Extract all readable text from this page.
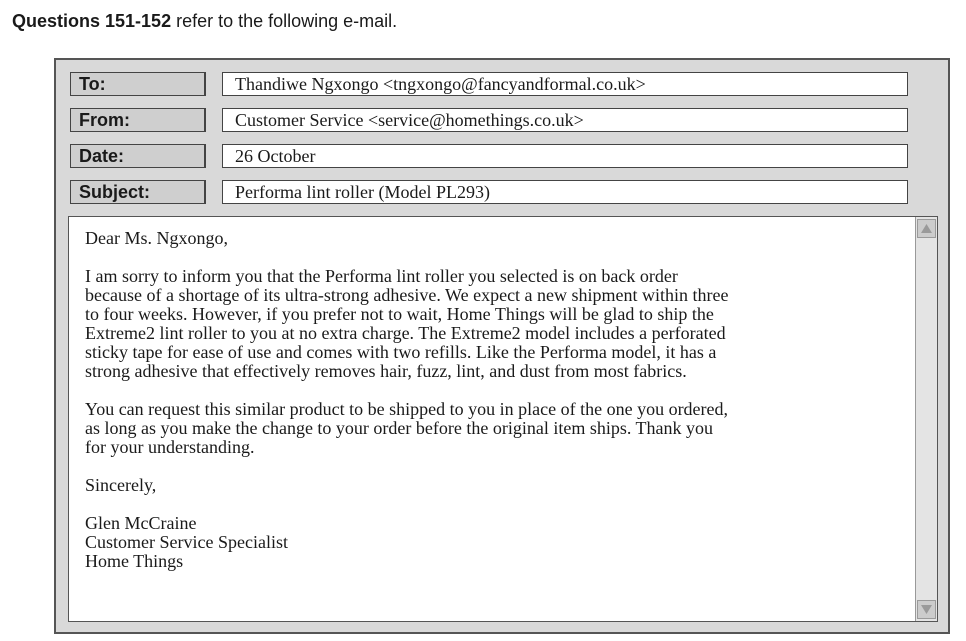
Questions 151-152 refer to the following e-mail.
To:	Thandiwe Ngxongo <tngxongo@fancyandformal.co.uk>
From:	Customer Service <service@homethings.co.uk>
Date:	26 October
Subject:	Performa lint roller (Model PL293)

Dear Ms. Ngxongo,

I am sorry to inform you that the Performa lint roller you selected is on back order

because of a shortage of its ultra-strong adhesive. We expect a new shipment within three

to four weeks. However, if you prefer not to wait, Home Things will be glad to ship the

Extreme2 lint roller to you at no extra charge. The Extreme2 model includes a perforated

sticky tape for ease of use and comes with two refills. Like the Performa model, it has a

strong adhesive that effectively removes hair, fuzz, lint, and dust from most fabrics.

You can request this similar product to be shipped to you in place of the one you ordered,

as long as you make the change to your order before the original item ships. Thank you

for your understanding.

Sincerely,

Glen McCraine

Customer Service Specialist

Home Things
